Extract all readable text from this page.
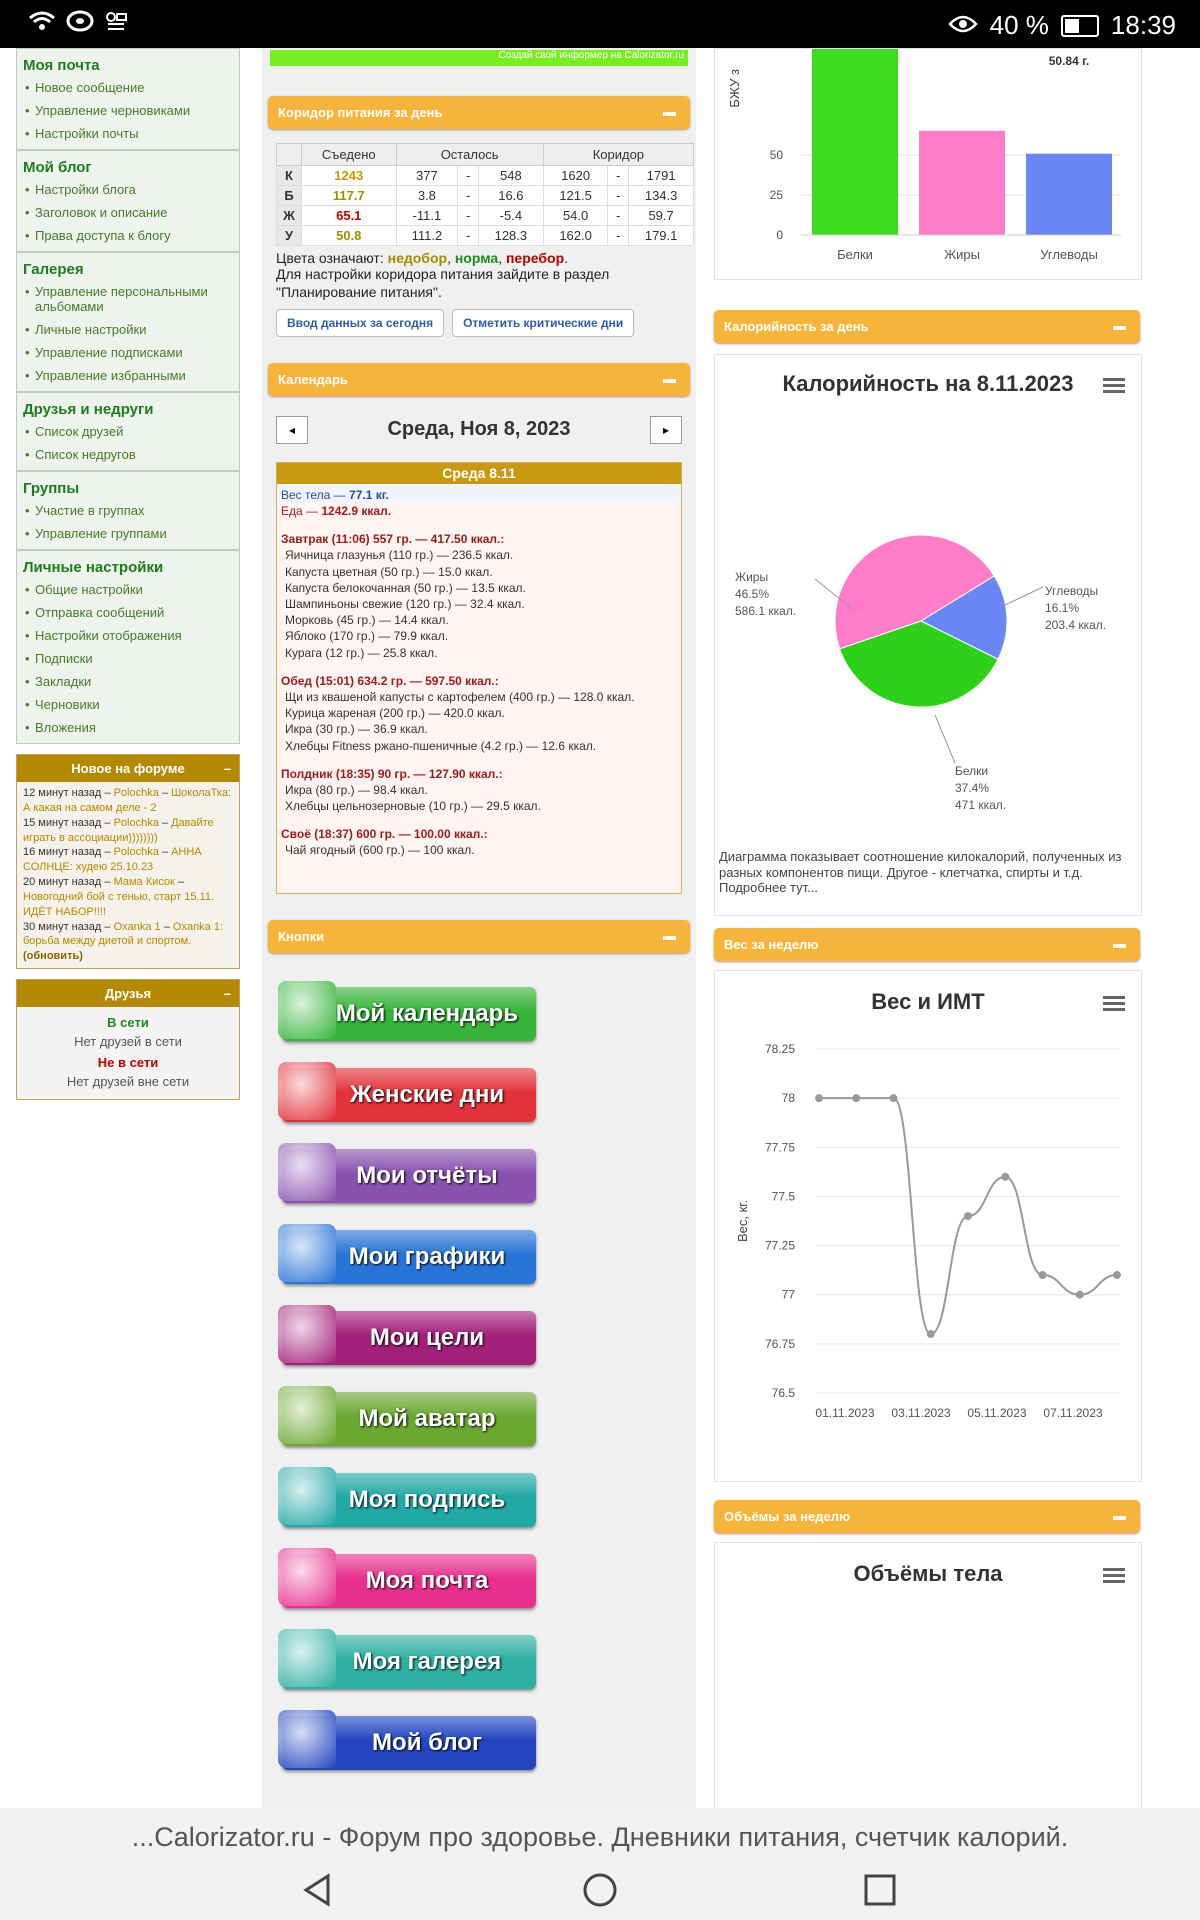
40 % 18:39
Моя почта
• Новое сообщение
• Управление черновиками
• Настройки почты
Мой блог
• Настройки блога
• Заголовок и описание
• Права доступа к блогу
Галерея
• Управление персональными альбомами
• Личные настройки
• Управление подписками
• Управление избранными
Друзья и недруги
• Список друзей
• Список недругов
Группы
• Участие в группах
• Управление группами
Личные настройки
• Общие настройки
• Отправка сообщений
• Настройки отображения
• Подписки
• Закладки
• Черновики
• Вложения
Новое на форуме	–
12 минут назад – Polochka – ШоколаТка: А какая на самом деле - 2
15 минут назад – Polochka – Давайте играть в ассоциации))))))))
16 минут назад – Polochka – АННА СОЛНЦЕ: худею 25.10.23
20 минут назад – Мама Кисок – Новогодний бой с тенью, старт 15.11. ИДЁТ НАБОР!!!!
30 минут назад – Oxanka 1 – Oxanka 1: борьба между диетой и спортом.
(обновить)
Друзья	–
В сети
Нет друзей в сети
Не в сети
Нет друзей вне сети
Создай свой информер на Calorizator.ru
Коридор питания за день	▬
	Съедено	Осталось			Коридор		
К	1243	377	-	548	1620	-	1791
Б	117.7	3.8	-	16.6	121.5	-	134.3
Ж	65.1	-11.1	-	-5.4	54.0	-	59.7
У	50.8	111.2	-	128.3	162.0	-	179.1
Цвета означают: недобор, норма, перебор.
Для настройки коридора питания зайдите в раздел "Планирование питания".
Ввод данных за сегодня	Отметить критические дни
Календарь	▬
◂	Среда, Ноя 8, 2023	▸
Среда 8.11
Вес тела — 77.1 кг.
Еда — 1242.9 ккал.
Завтрак (11:06) 557 гр. — 417.50 ккал.:
Яичница глазунья (110 гр.) — 236.5 ккал.
Капуста цветная (50 гр.) — 15.0 ккал.
Капуста белокочанная (50 гр.) — 13.5 ккал.
Шампиньоны свежие (120 гр.) — 32.4 ккал.
Морковь (45 гр.) — 14.4 ккал.
Яблоко (170 гр.) — 79.9 ккал.
Курага (12 гр.) — 25.8 ккал.
Обед (15:01) 634.2 гр. — 597.50 ккал.:
Щи из квашеной капусты с картофелем (400 гр.) — 128.0 ккал.
Курица жареная (200 гр.) — 420.0 ккал.
Икра (30 гр.) — 36.9 ккал.
Хлебцы Fitness ржано-пшеничные (4.2 гр.) — 12.6 ккал.
Полдник (18:35) 90 гр. — 127.90 ккал.:
Икра (80 гр.) — 98.4 ккал.
Хлебцы цельнозерновые (10 гр.) — 29.5 ккал.
Своё (18:37) 600 гр. — 100.00 ккал.:
Чай ягодный (600 гр.) — 100 ккал.
Кнопки	▬
Мой календарь
Женские дни
Мои отчёты
Мои графики
Мои цели
Мой аватар
Моя подпись
Моя почта
Моя галерея
Мой блог
БЖУ з
0
25
50
Белки	Жиры	Углеводы
50.84 г.
Калорийность за день	▬
Калорийность на 8.11.2023
Жиры
46.5%
586.1 ккал.
Углеводы
16.1%
203.4 ккал.
Белки
37.4%
471 ккал.
Диаграмма показывает соотношение килокалорий, полученных из разных компонентов пищи. Другое - клетчатка, спирты и т.д. Подробнее тут...
Вес за неделю	▬
Вес и ИМТ
78.25
78
77.75
77.5
77.25
77
76.75
76.5
Вес, кг.
01.11.2023 03.11.2023 05.11.2023 07.11.2023
Объёмы за неделю	▬
Объёмы тела
...Calorizator.ru - Форум про здоровье. Дневники питания, счетчик калорий.
